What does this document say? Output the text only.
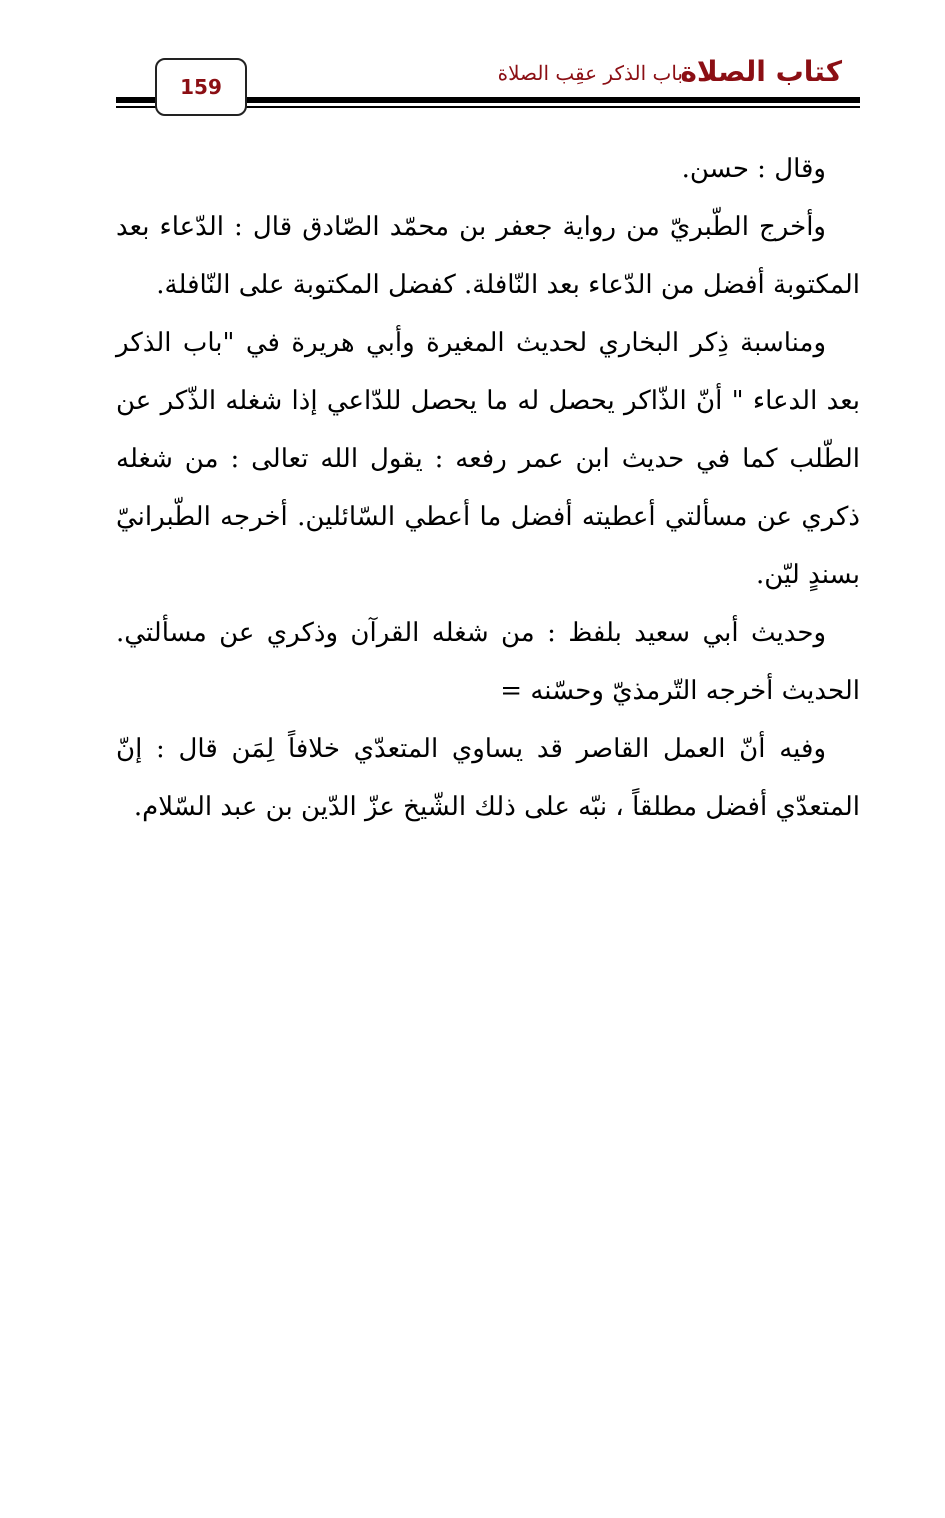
كتاب الصلاة
باب الذكر عقِب الصلاة
159

وقال : حسن.

وأخرج الطّبريّ من رواية جعفر بن محمّد الصّادق قال : الدّعاء بعد المكتوبة أفضل من الدّعاء بعد النّافلة. كفضل المكتوبة على النّافلة.

ومناسبة ذِكر البخاري لحديث المغيرة وأبي هريرة في "باب الذكر بعد الدعاء " أنّ الذّاكر يحصل له ما يحصل للدّاعي إذا شغله الذّكر عن الطّلب كما في حديث ابن عمر رفعه : يقول الله تعالى : من شغله ذكري عن مسألتي أعطيته أفضل ما أعطي السّائلين. أخرجه الطّبرانيّ بسندٍ ليّن.

وحديث أبي سعيد بلفظ : من شغله القرآن وذكري عن مسألتي. الحديث أخرجه التّرمذيّ وحسّنه =

وفيه أنّ العمل القاصر قد يساوي المتعدّي خلافاً لِمَن قال : إنّ المتعدّي أفضل مطلقاً ، نبّه على ذلك الشّيخ عزّ الدّين بن عبد السّلام.
